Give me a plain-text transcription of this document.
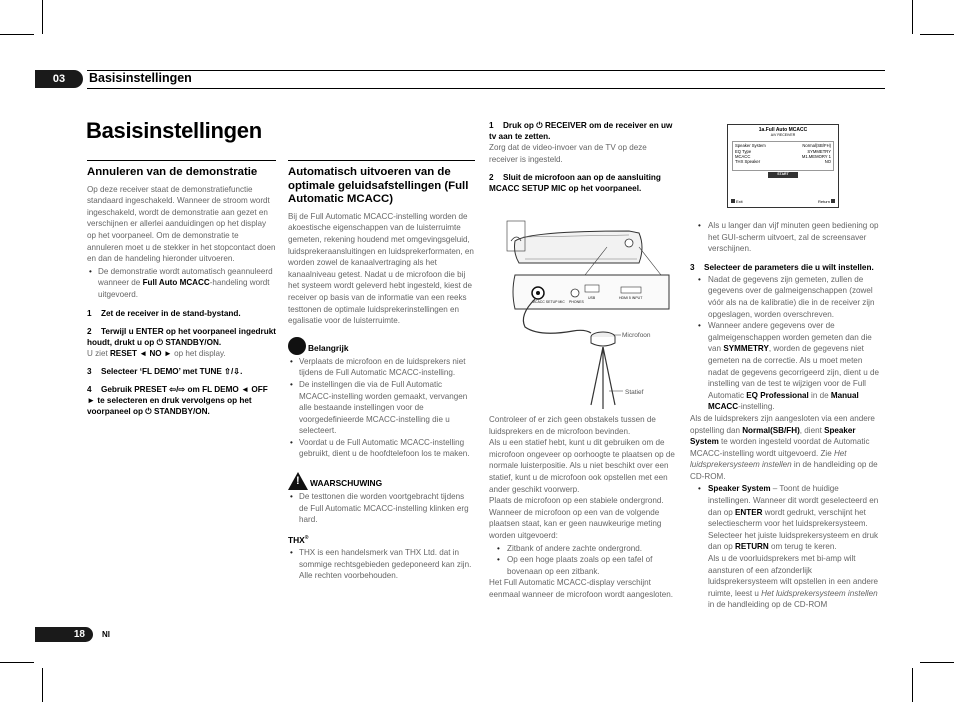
03	Basisinstellingen
Basisinstellingen
Annuleren van de demonstratie

Op deze receiver staat de demonstratiefunctie standaard ingeschakeld. Wanneer de stroom wordt ingeschakeld, wordt de demonstratie aan gezet en verschijnen er allerlei aanduidingen op het display op het voorpaneel. Om de demonstratie te annuleren moet u de stekker in het stopcontact doen en dan de handeling hieronder uitvoeren.

• De demonstratie wordt automatisch geannuleerd wanneer de Full Auto MCACC-handeling wordt uitgevoerd.
1 Zet de receiver in de stand-bystand.
2 Terwijl u ENTER op het voorpaneel ingedrukt houdt, drukt u op ⏻ STANDBY/ON.

U ziet RESET ◄ NO ► op het display.

3 Selecteer ‘FL DEMO’ met TUNE ⇧/⇩.
4 Gebruik PRESET ⇦/⇨ om FL DEMO ◄ OFF ► te selecteren en druk vervolgens op het voorpaneel op ⏻ STANDBY/ON.
Automatisch uitvoeren van de optimale geluidsafstellingen (Full Automatic MCACC)

Bij de Full Automatic MCACC-instelling worden de akoestische eigenschappen van de luisterruimte gemeten, rekening houdend met omgevingsgeluid, luidsprekeraansluitingen en luidsprekerformaten, en worden zowel de kanaalvertraging als het kanaalniveau getest. Nadat u de microfoon die bij het systeem wordt geleverd hebt ingesteld, kiest de receiver op basis van de informatie van een reeks testtonen de optimale luidsprekerinstellingen en egalisatie voor de luisterruimte.

Belangrijk
• Verplaats de microfoon en de luidsprekers niet tijdens de Full Automatic MCACC-instelling.
• De instellingen die via de Full Automatic MCACC-instelling worden gemaakt, vervangen alle bestaande instellingen voor de voorgedefinieerde MCACC-instelling die u selecteert.
• Voordat u de Full Automatic MCACC-instelling gebruikt, dient u de hoofdtelefoon los te maken.
!
WAARSCHUWING
• De testtonen die worden voortgebracht tijdens de Full Automatic MCACC-instelling klinken erg hard.
THX®
• THX is een handelsmerk van THX Ltd. dat in sommige rechtsgebieden gedeponeerd kan zijn. Alle rechten voorbehouden.
1 Druk op ⏻ RECEIVER om de receiver en uw tv aan te zetten.

Zorg dat de video-invoer van de TV op deze receiver is ingesteld.

2 Sluit de microfoon aan op de aansluiting MCACC SETUP MIC op het voorpaneel.
MCACC SETUP MIC PHONES
USB	HDMI 5 INPUT
Microfoon
Statief

Controleer of er zich geen obstakels tussen de luidsprekers en de microfoon bevinden.

Als u een statief hebt, kunt u dit gebruiken om de microfoon ongeveer op oorhoogte te plaatsen op de normale luisterpositie. Als u niet beschikt over een statief, kunt u de microfoon ook opstellen met een ander geschikt voorwerp.

Plaats de microfoon op een stabiele ondergrond. Wanneer de microfoon op een van de volgende plaatsen staat, kan er geen nauwkeurige meting worden uitgevoerd:

• Zitbank of andere zachte ondergrond.
• Op een hoge plaats zoals op een tafel of bovenaan op een zitbank.

Het Full Automatic MCACC-display verschijnt eenmaal wanneer de microfoon wordt aangesloten.

1a.Full Auto MCACC
A/V RECEIVER
Speaker System	Normal(SB/FH)
EQ Type	SYMMETRY
MCACC	M1.MEMORY 1
THX Speaker	NO
START
Exit	Return
• Als u langer dan vijf minuten geen bediening op het GUI-scherm uitvoert, zal de screensaver verschijnen.
3 Selecteer de parameters die u wilt instellen.
• Nadat de gegevens zijn gemeten, zullen de gegevens over de galmeigenschappen (zowel vóór als na de kalibratie) die in de receiver zijn opgeslagen, worden overschreven.
• Wanneer andere gegevens over de galmeigenschappen worden gemeten dan die van SYMMETRY, worden de gegevens niet gemeten na de correctie. Als u moet meten nadat de gegevens gecorrigeerd zijn, dient u de instelling van de test te wijzigen voor de Full Automatic EQ Professional in de Manual MCACC-instelling.

Als de luidsprekers zijn aangesloten via een andere opstelling dan Normal(SB/FH), dient Speaker System te worden ingesteld voordat de Automatic MCACC-instelling wordt uitgevoerd. Zie Het luidsprekersysteem instellen in de handleiding op de CD-ROM.

• Speaker System – Toont de huidige instellingen. Wanneer dit wordt geselecteerd en dan op ENTER wordt gedrukt, verschijnt het selectiescherm voor het luidsprekersysteem. Selecteer het juiste luidsprekersysteem en druk dan op RETURN om terug te keren.
Als u de voorluidsprekers met bi-amp wilt aansturen of een afzonderlijk luidsprekersysteem wilt opstellen in een andere ruimte, leest u Het luidsprekersysteem instellen in de handleiding op de CD-ROM
18	Nl
